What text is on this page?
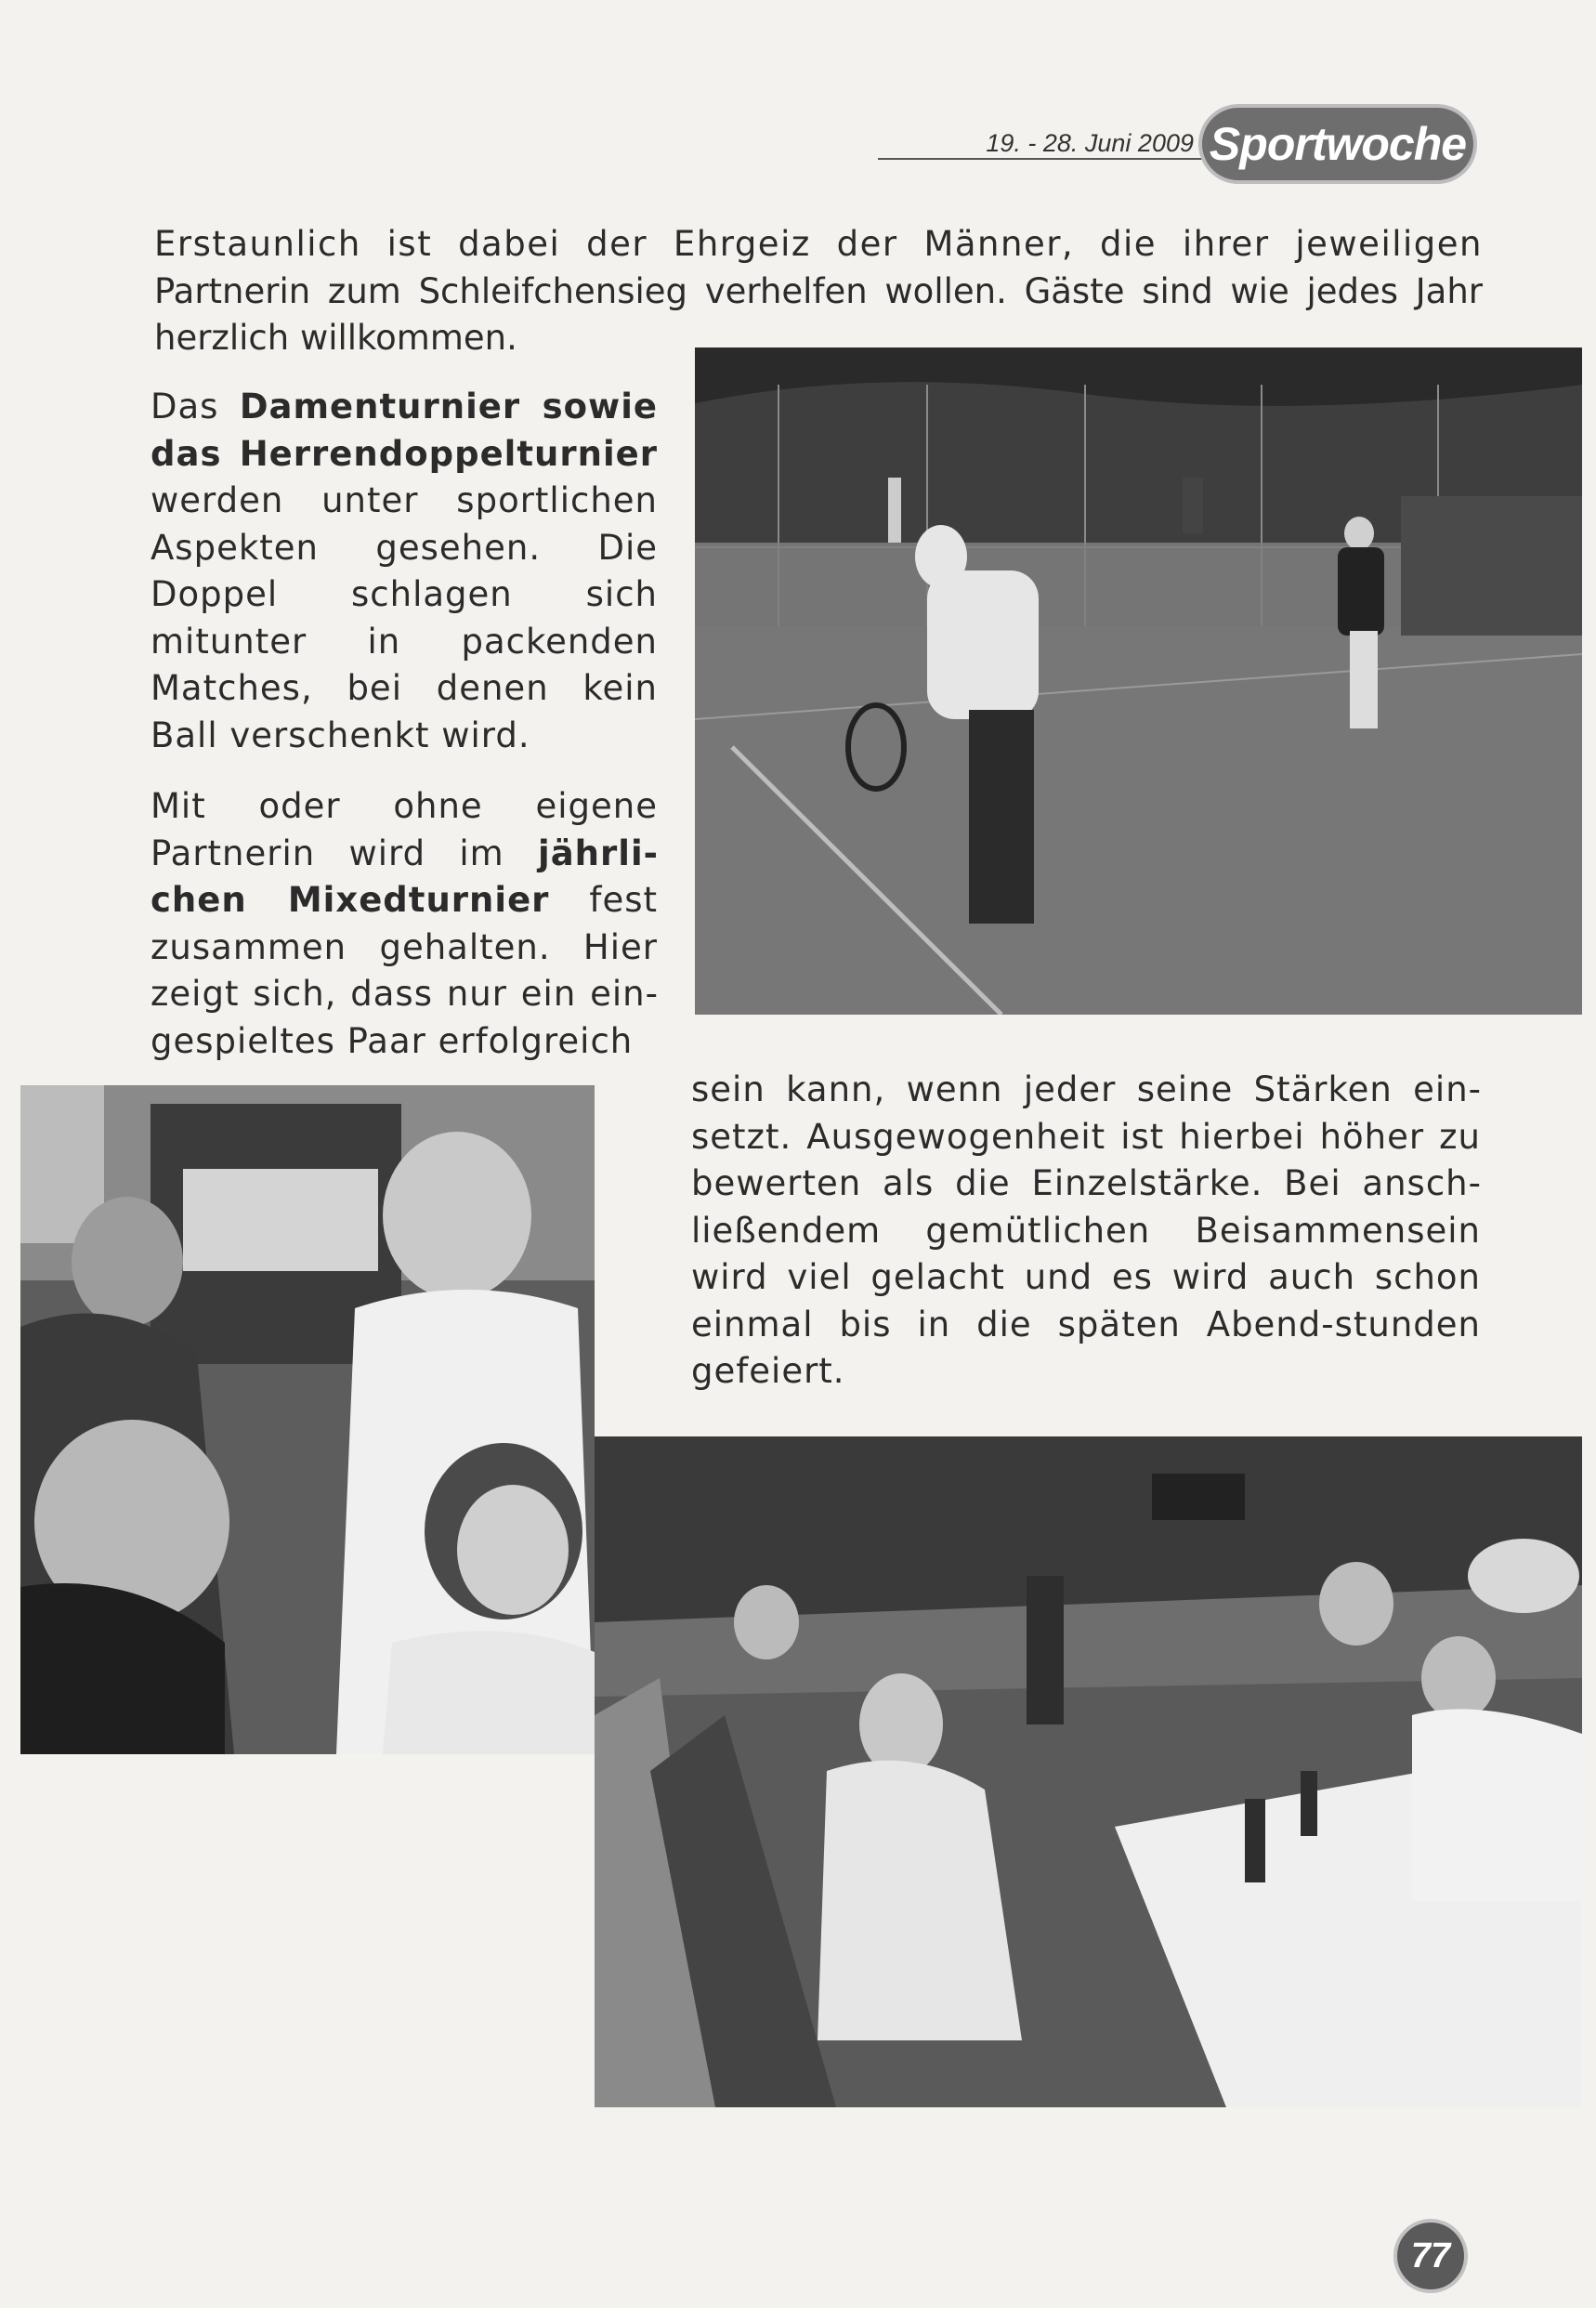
19. - 28. Juni 2009 Sportwoche
Erstaunlich ist dabei der Ehrgeiz der Männer, die ihrer jeweiligen
Partnerin zum Schleifchensieg verhelfen wollen. Gäste sind wie jedes Jahr
herzlich willkommen.

Das Damenturnier sowie das Herrendoppelturnier werden unter sportlichen Aspekten gesehen. Die Doppel schlagen sich mitunter in packenden Matches, bei denen kein Ball verschenkt wird.

Mit oder ohne eigene Partnerin wird im jährlichen Mixedturnier fest zusammen gehalten. Hier zeigt sich, dass nur ein eingespieltes Paar erfolgreich

sein kann, wenn jeder seine Stärken einsetzt. Ausgewogenheit ist hierbei höher zu bewerten als die Einzelstärke. Bei anschließendem gemütlichen Beisammensein wird viel gelacht und es wird auch schon einmal bis in die späten Abend-stunden gefeiert.
77
